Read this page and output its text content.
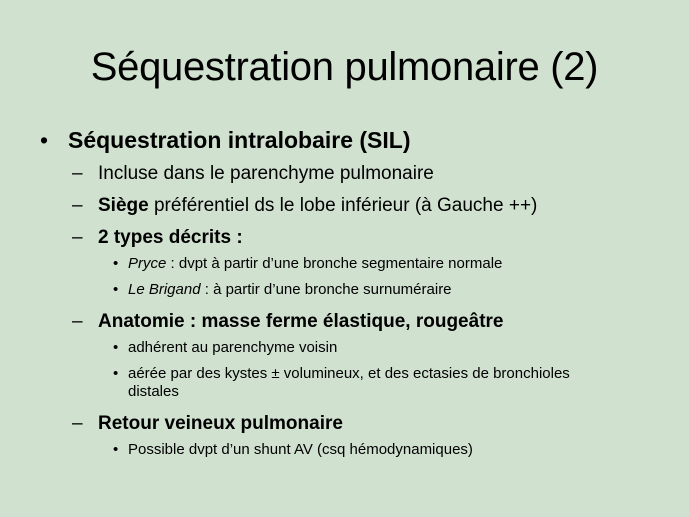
Séquestration pulmonaire (2)
• Séquestration intralobaire (SIL)
– Incluse dans le parenchyme pulmonaire
– Siège préférentiel ds le lobe inférieur (à Gauche ++)
– 2 types décrits :
• Pryce : dvpt à partir d’une bronche segmentaire normale
• Le Brigand : à partir d’une bronche surnuméraire
– Anatomie : masse ferme élastique, rougeâtre
• adhérent au parenchyme voisin
• aérée par des kystes ± volumineux, et des ectasies de bronchioles distales
– Retour veineux pulmonaire
• Possible dvpt d’un shunt AV (csq hémodynamiques)
